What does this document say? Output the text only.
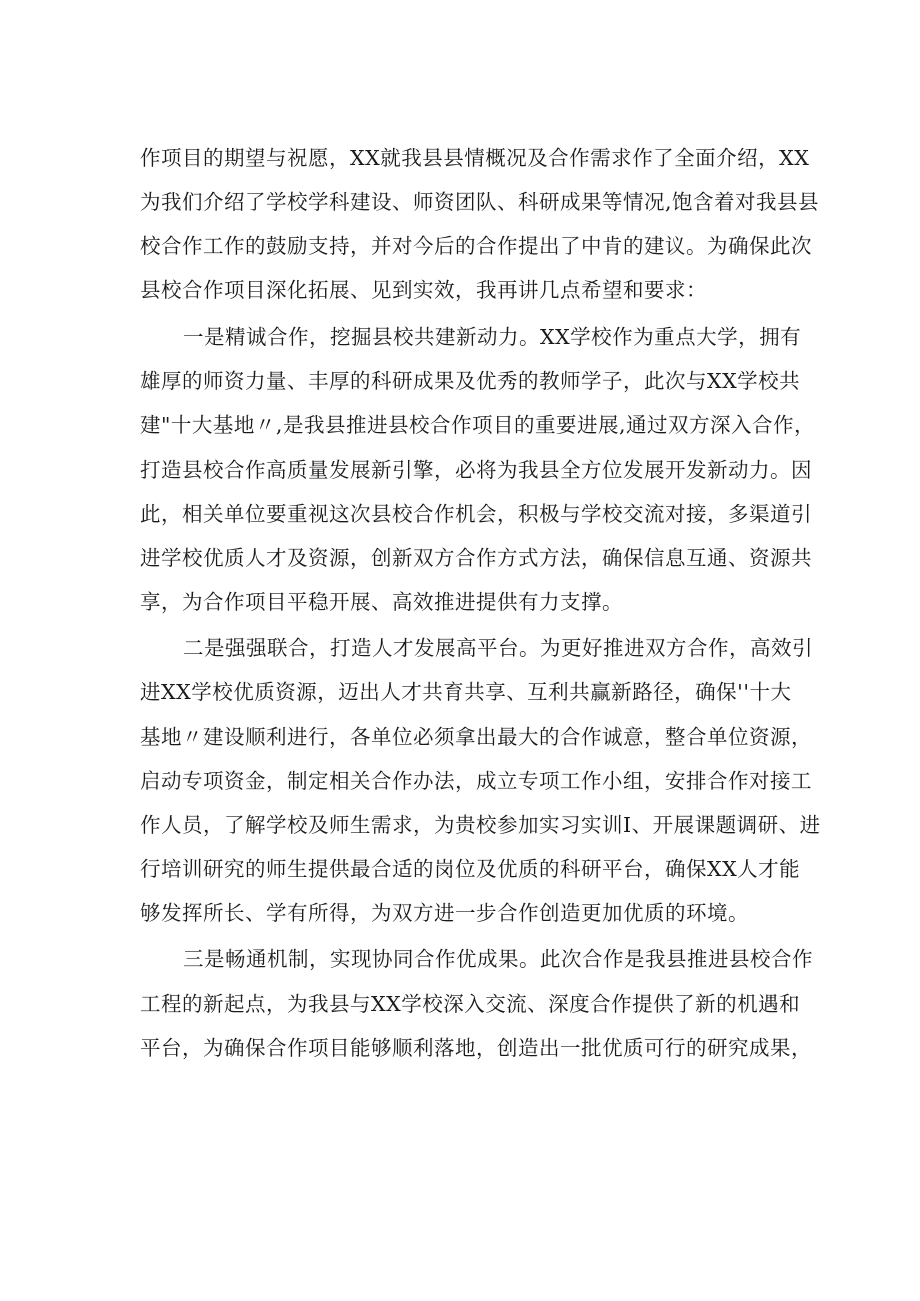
作项目的期望与祝愿，XX就我县县情概况及合作需求作了全面介绍，XX
为我们介绍了学校学科建设、师资团队、科研成果等情况,饱含着对我县县
校合作工作的鼓励支持，并对今后的合作提出了中肯的建议。为确保此次
县校合作项目深化拓展、见到实效，我再讲几点希望和要求：
一是精诚合作，挖掘县校共建新动力。XX学校作为重点大学，拥有
雄厚的师资力量、丰厚的科研成果及优秀的教师学子，此次与XX学校共
建"十大基地〃,是我县推进县校合作项目的重要进展,通过双方深入合作，
打造县校合作高质量发展新引擎，必将为我县全方位发展开发新动力。因
此，相关单位要重视这次县校合作机会，积极与学校交流对接，多渠道引
进学校优质人才及资源，创新双方合作方式方法，确保信息互通、资源共
享，为合作项目平稳开展、高效推进提供有力支撑。
二是强强联合，打造人才发展高平台。为更好推进双方合作，高效引
进XX学校优质资源，迈出人才共育共享、互利共赢新路径，确保''十大
基地〃建设顺利进行，各单位必须拿出最大的合作诚意，整合单位资源，
启动专项资金，制定相关合作办法，成立专项工作小组，安排合作对接工
作人员，了解学校及师生需求，为贵校参加实习实训I、开展课题调研、进
行培训研究的师生提供最合适的岗位及优质的科研平台，确保XX人才能
够发挥所长、学有所得，为双方进一步合作创造更加优质的环境。
三是畅通机制，实现协同合作优成果。此次合作是我县推进县校合作
工程的新起点，为我县与XX学校深入交流、深度合作提供了新的机遇和
平台，为确保合作项目能够顺利落地，创造出一批优质可行的研究成果，
